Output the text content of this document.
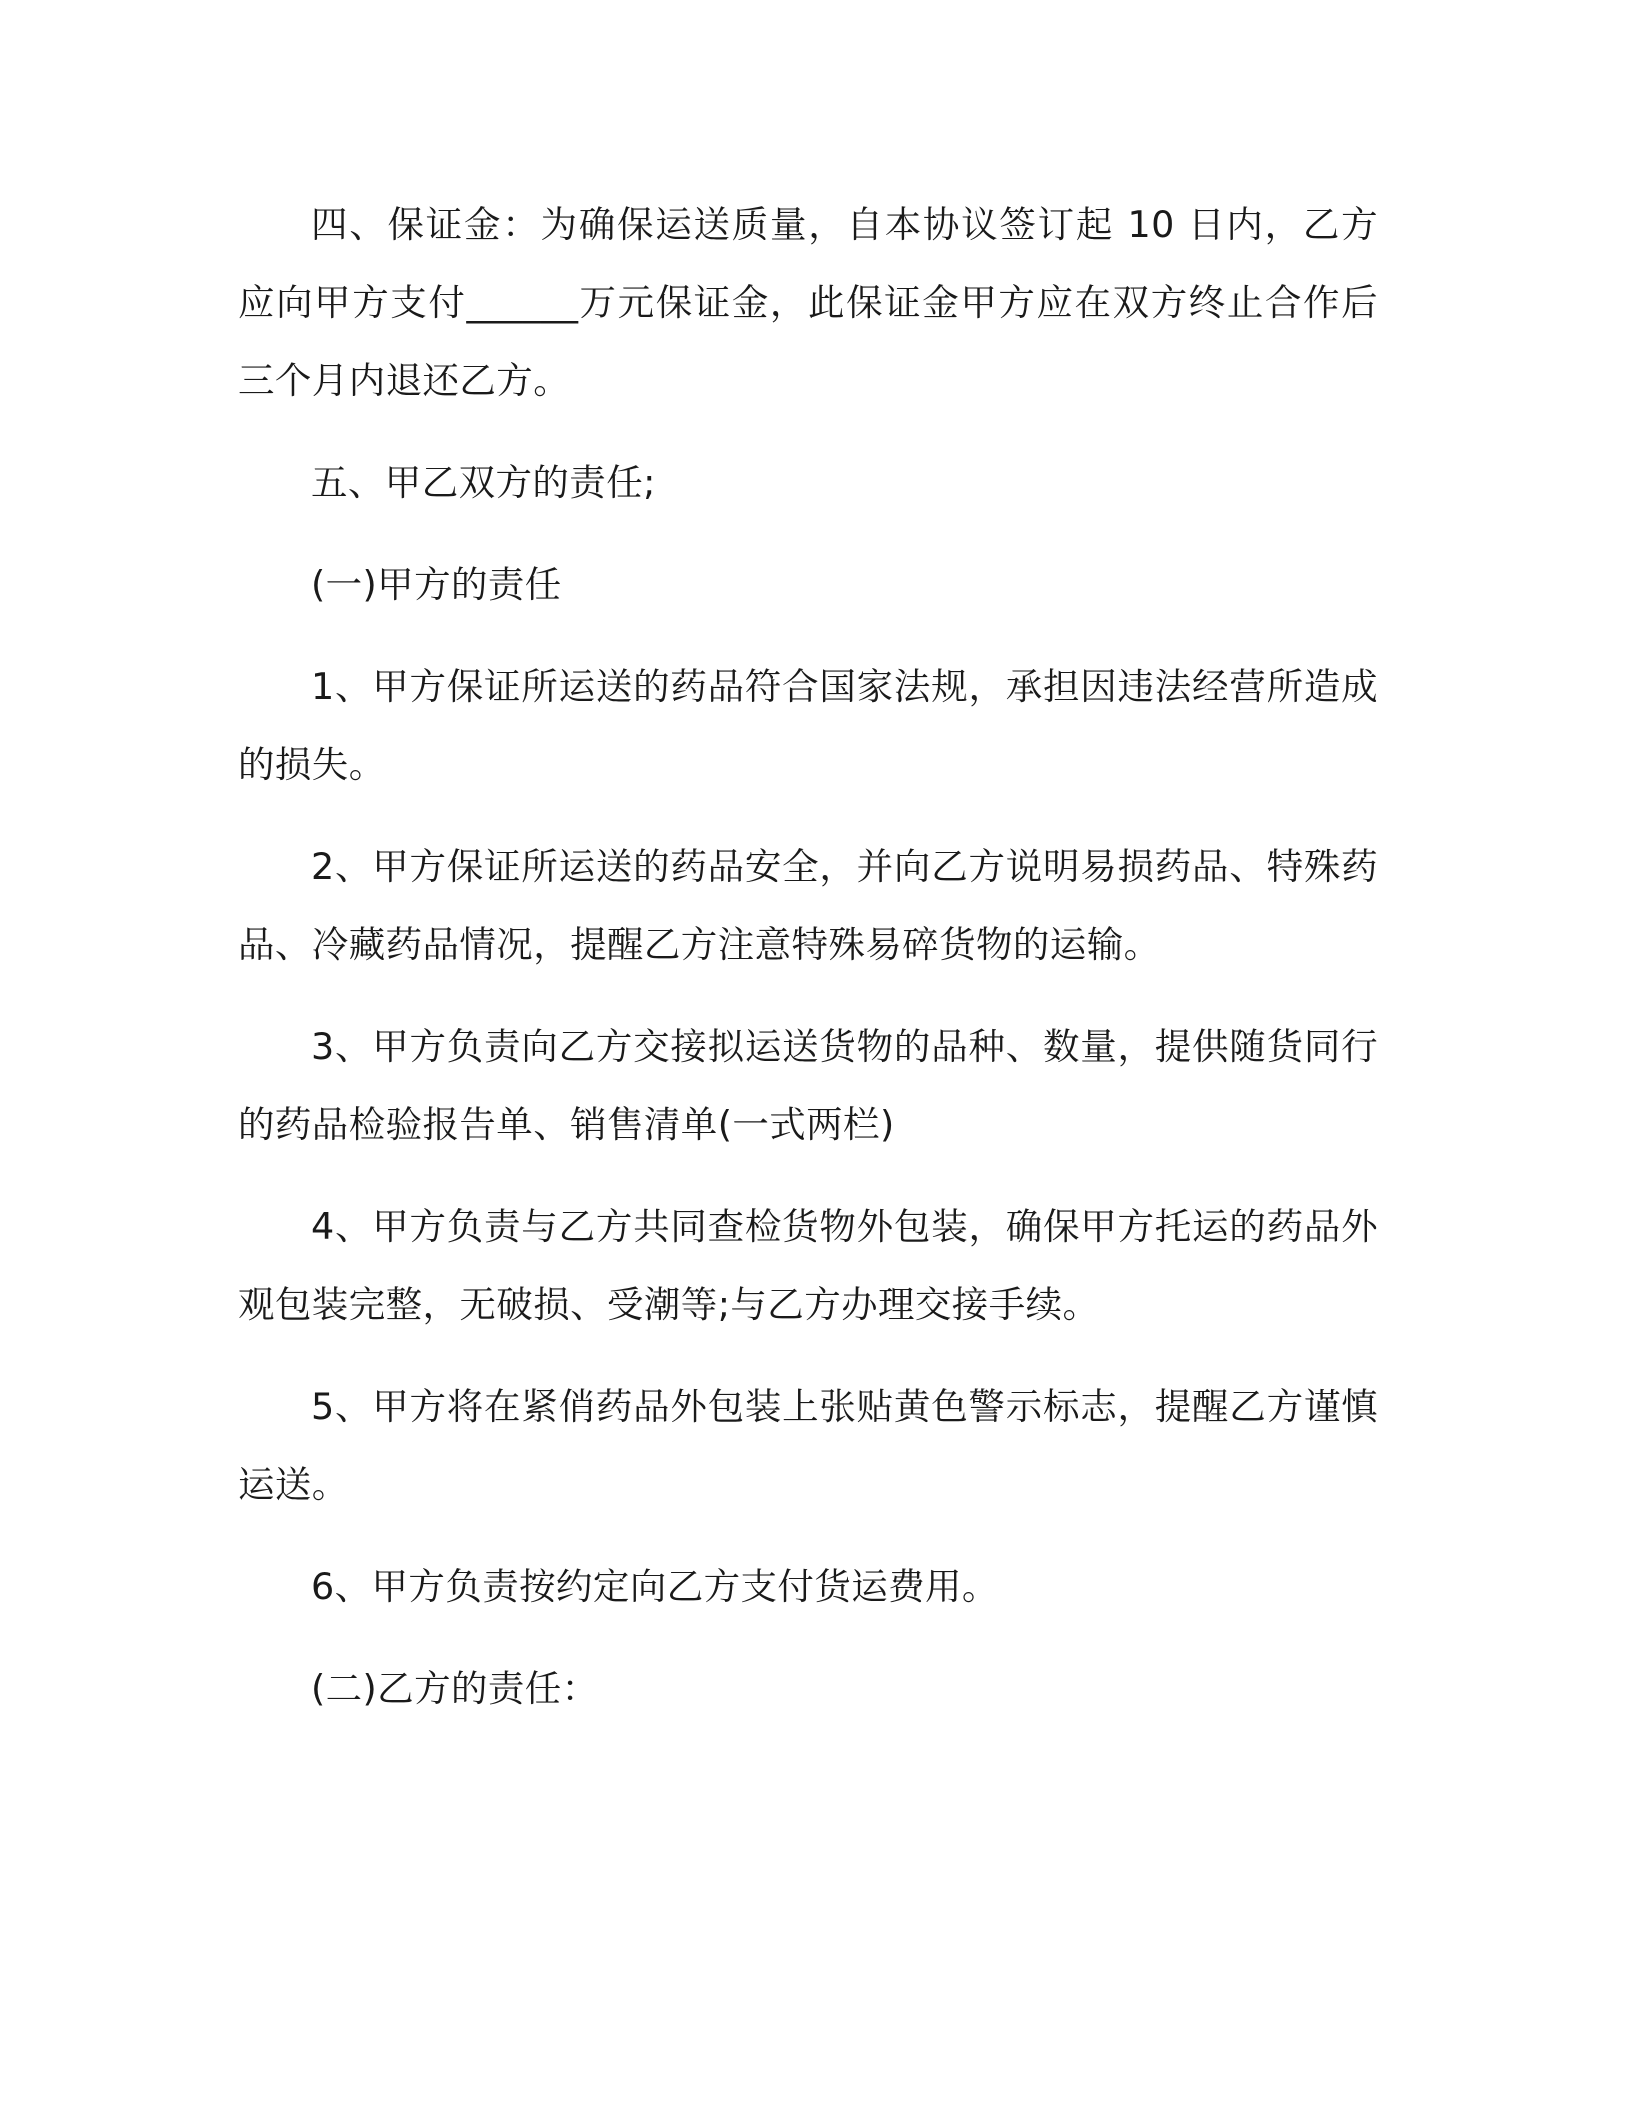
四、保证金：为确保运送质量，自本协议签订起 10 日内，乙方应向甲方支付______万元保证金，此保证金甲方应在双方终止合作后三个月内退还乙方。

五、甲乙双方的责任;

(一)甲方的责任

1、甲方保证所运送的药品符合国家法规，承担因违法经营所造成的损失。

2、甲方保证所运送的药品安全，并向乙方说明易损药品、特殊药品、冷藏药品情况，提醒乙方注意特殊易碎货物的运输。

3、甲方负责向乙方交接拟运送货物的品种、数量，提供随货同行的药品检验报告单、销售清单(一式两栏)

4、甲方负责与乙方共同查检货物外包装，确保甲方托运的药品外观包装完整，无破损、受潮等;与乙方办理交接手续。

5、甲方将在紧俏药品外包装上张贴黄色警示标志，提醒乙方谨慎运送。

6、甲方负责按约定向乙方支付货运费用。

(二)乙方的责任：
